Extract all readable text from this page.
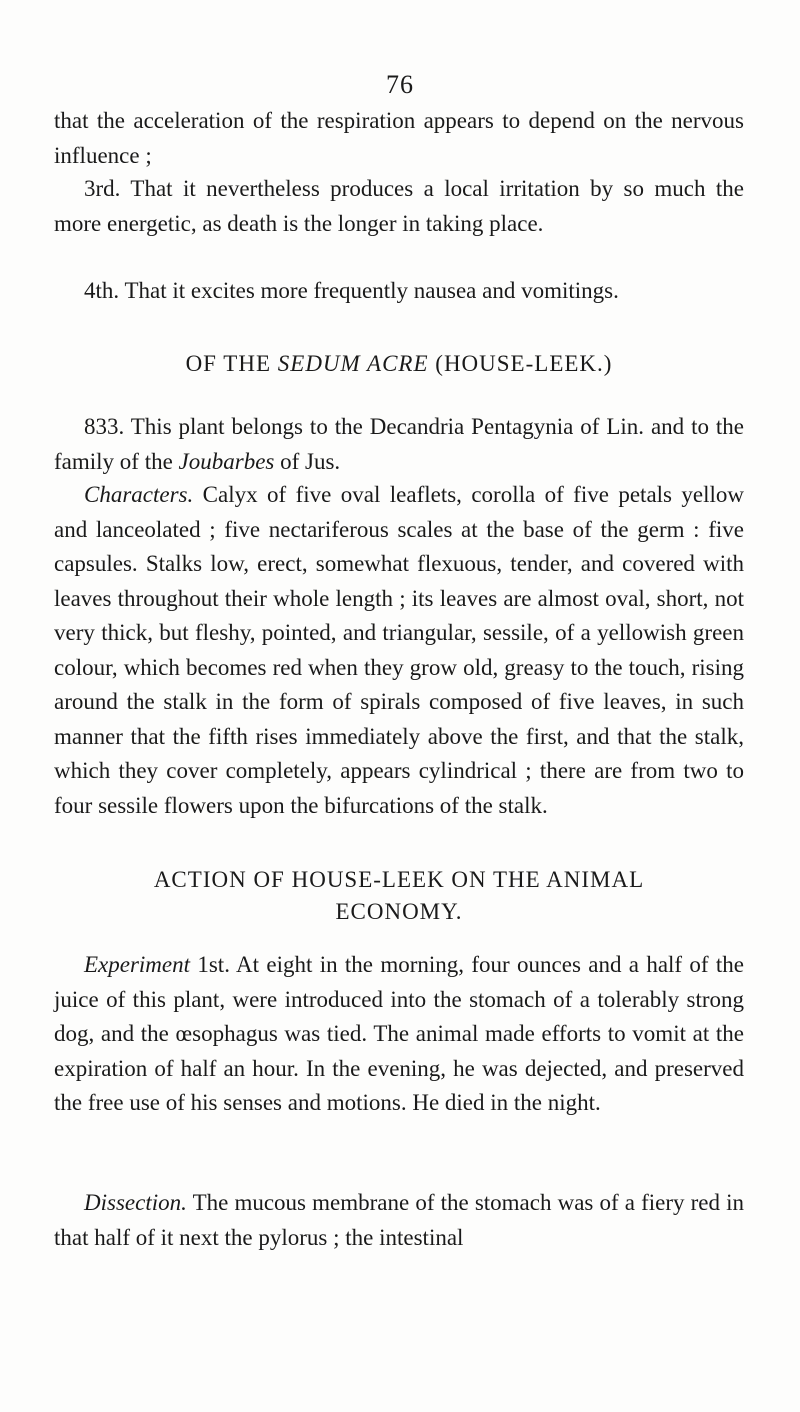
76

that the acceleration of the respiration appears to depend on the nervous influence ;

3rd. That it nevertheless produces a local irritation by so much the more energetic, as death is the longer in taking place.

4th. That it excites more frequently nausea and vomitings.

OF THE SEDUM ACRE (HOUSE-LEEK.)

833. This plant belongs to the Decandria Pentagynia of Lin. and to the family of the Joubarbes of Jus.

Characters. Calyx of five oval leaflets, corolla of five petals yellow and lanceolated ; five nectariferous scales at the base of the germ : five capsules. Stalks low, erect, somewhat flexuous, tender, and covered with leaves throughout their whole length ; its leaves are almost oval, short, not very thick, but fleshy, pointed, and triangular, sessile, of a yellowish green colour, which becomes red when they grow old, greasy to the touch, rising around the stalk in the form of spirals composed of five leaves, in such manner that the fifth rises immediately above the first, and that the stalk, which they cover completely, appears cylindrical ; there are from two to four sessile flowers upon the bifurcations of the stalk.

ACTION OF HOUSE-LEEK ON THE ANIMAL

ECONOMY.

Experiment 1st. At eight in the morning, four ounces and a half of the juice of this plant, were introduced into the stomach of a tolerably strong dog, and the œsophagus was tied. The animal made efforts to vomit at the expiration of half an hour. In the evening, he was dejected, and preserved the free use of his senses and motions. He died in the night.

Dissection. The mucous membrane of the stomach was of a fiery red in that half of it next the pylorus ; the intestinal
